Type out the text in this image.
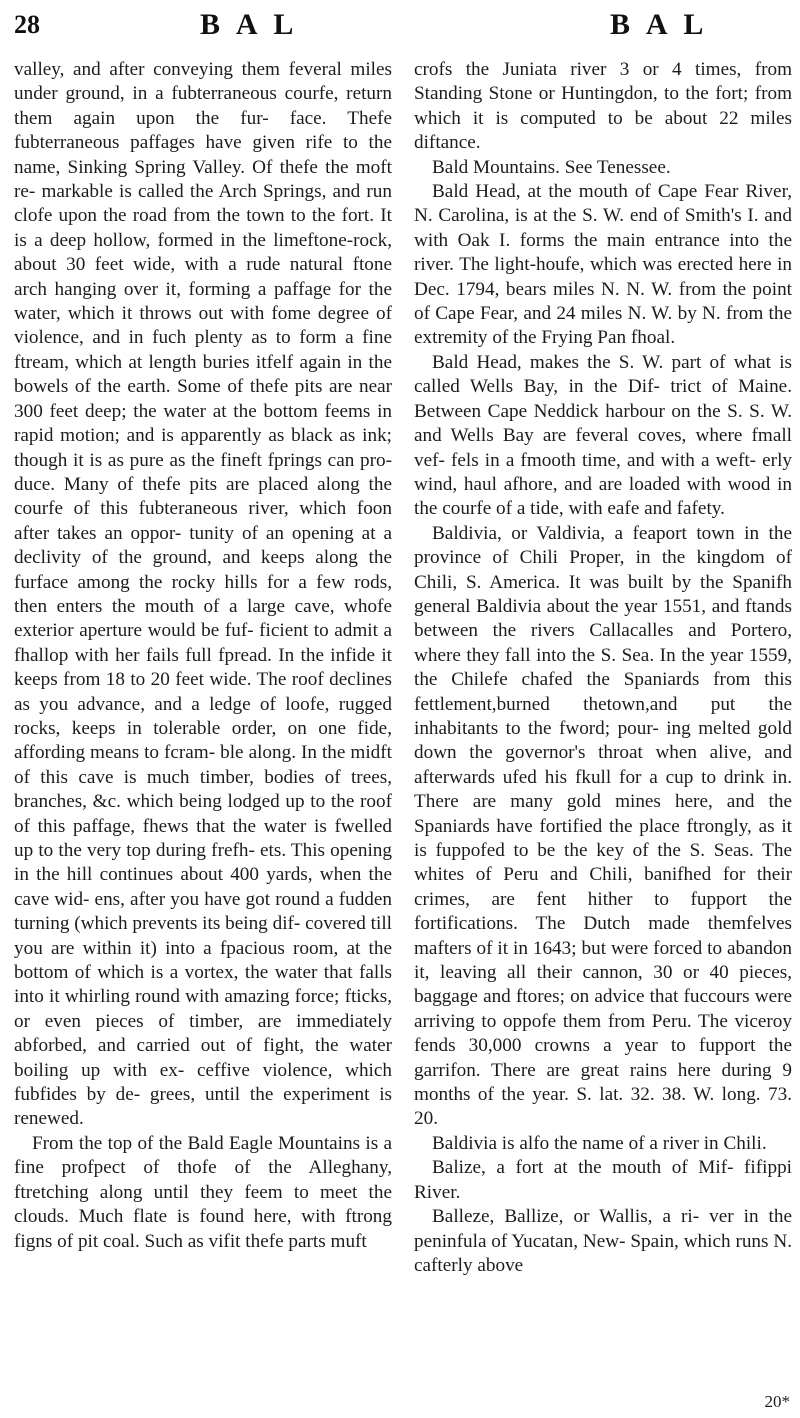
28	B A L	B A L

valley, and after conveying them feveral miles under ground, in a fubterraneous courfe, return them again upon the fur- face. Thefe fubterraneous paffages have given rife to the name, Sinking Spring Valley. Of thefe the moft re- markable is called the Arch Springs, and run clofe upon the road from the town to the fort. It is a deep hollow, formed in the limeftone-rock, about 30 feet wide, with a rude natural ftone arch hanging over it, forming a paffage for the water, which it throws out with fome degree of violence, and in fuch plenty as to form a fine ftream, which at length buries itfelf again in the bowels of the earth. Some of thefe pits are near 300 feet deep; the water at the bottom feems in rapid motion; and is apparently as black as ink; though it is as pure as the fineft fprings can pro- duce. Many of thefe pits are placed along the courfe of this fubteraneous river, which foon after takes an oppor- tunity of an opening at a declivity of the ground, and keeps along the furface among the rocky hills for a few rods, then enters the mouth of a large cave, whofe exterior aperture would be fuf- ficient to admit a fhallop with her fails full fpread. In the infide it keeps from 18 to 20 feet wide. The roof declines as you advance, and a ledge of loofe, rugged rocks, keeps in tolerable order, on one fide, affording means to fcram- ble along. In the midft of this cave is much timber, bodies of trees, branches, &c. which being lodged up to the roof of this paffage, fhews that the water is fwelled up to the very top during frefh- ets. This opening in the hill continues about 400 yards, when the cave wid- ens, after you have got round a fudden turning (which prevents its being dif- covered till you are within it) into a fpacious room, at the bottom of which is a vortex, the water that falls into it whirling round with amazing force; fticks, or even pieces of timber, are immediately abforbed, and carried out of fight, the water boiling up with ex- ceffive violence, which fubfides by de- grees, until the experiment is renewed.

From the top of the Bald Eagle Mountains is a fine profpect of thofe of the Alleghany, ftretching along until they feem to meet the clouds. Much flate is found here, with ftrong figns of pit coal. Such as vifit thefe parts muft

crofs the Juniata river 3 or 4 times, from Standing Stone or Huntingdon, to the fort; from which it is computed to be about 22 miles diftance.

Bald Mountains. See Tenessee.

Bald Head, at the mouth of Cape Fear River, N. Carolina, is at the S. W. end of Smith's I. and with Oak I. forms the main entrance into the river. The light-houfe, which was erected here in Dec. 1794, bears miles N. N. W. from the point of Cape Fear, and 24 miles N. W. by N. from the extremity of the Frying Pan fhoal.

Bald Head, makes the S. W. part of what is called Wells Bay, in the Dif- trict of Maine. Between Cape Neddick harbour on the S. S. W. and Wells Bay are feveral coves, where fmall vef- fels in a fmooth time, and with a weft- erly wind, haul afhore, and are loaded with wood in the courfe of a tide, with eafe and fafety.

Baldivia, or Valdivia, a feaport town in the province of Chili Proper, in the kingdom of Chili, S. America. It was built by the Spanifh general Baldivia about the year 1551, and ftands between the rivers Callacalles and Portero, where they fall into the S. Sea. In the year 1559, the Chilefe chafed the Spaniards from this fettlement,burned thetown,and put the inhabitants to the fword; pour- ing melted gold down the governor's throat when alive, and afterwards ufed his fkull for a cup to drink in. There are many gold mines here, and the Spaniards have fortified the place ftrongly, as it is fuppofed to be the key of the S. Seas. The whites of Peru and Chili, banifhed for their crimes, are fent hither to fupport the fortifications. The Dutch made themfelves mafters of it in 1643; but were forced to abandon it, leaving all their cannon, 30 or 40 pieces, baggage and ftores; on advice that fuccours were arriving to oppofe them from Peru. The viceroy fends 30,000 crowns a year to fupport the garrifon. There are great rains here during 9 months of the year. S. lat. 32. 38. W. long. 73. 20.

Baldivia is alfo the name of a river in Chili.

Balize, a fort at the mouth of Mif- fifippi River.

Balleze, Ballize, or Wallis, a ri- ver in the peninfula of Yucatan, New- Spain, which runs N. cafterly above

20*
